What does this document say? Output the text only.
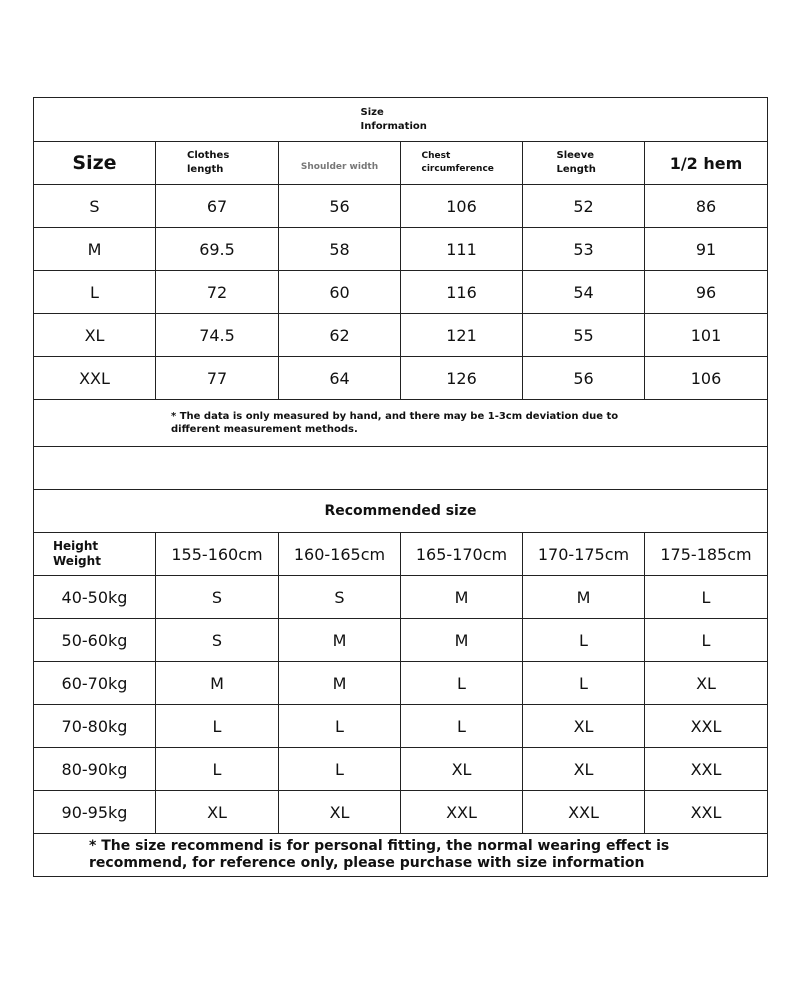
Size Information					
Size	Clothes length	Shoulder width	Chest circumference	Sleeve Length	1/2 hem
S	67	56	106	52	86
M	69.5	58	111	53	91
L	72	60	116	54	96
XL	74.5	62	121	55	101
XXL	77	64	126	56	106

* The data is only measured by hand, and there may be 1-3cm deviation due to different measurement methods.					

Recommended size					

Height
Weight	155-160cm	160-165cm	165-170cm	170-175cm	175-185cm
40-50kg	S	S	M	M	L
50-60kg	S	M	M	L	L
60-70kg	M	M	L	L	XL
70-80kg	L	L	L	XL	XXL
80-90kg	L	L	XL	XL	XXL
90-95kg	XL	XL	XXL	XXL	XXL

* The size recommend is for personal fitting, the normal wearing effect is recommend, for reference only, please purchase with size information					
